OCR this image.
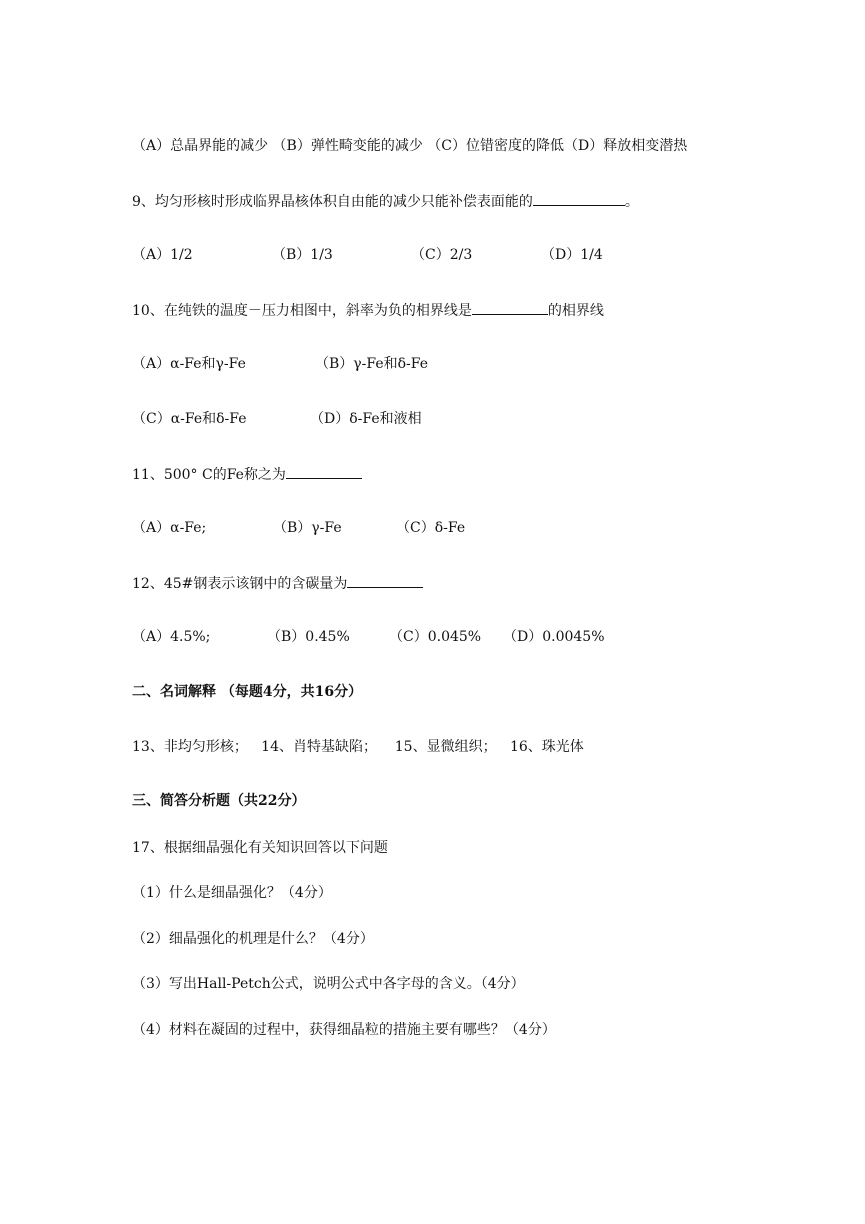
（A）总晶界能的减少 （B）弹性畸变能的减少 （C）位错密度的降低（D）释放相变潜热
9、均匀形核时形成临界晶核体积自由能的减少只能补偿表面能的	。
（A）1/2	（B）1/3	（C）2/3	（D）1/4
10、在纯铁的温度－压力相图中，斜率为负的相界线是	的相界线
（A）α-Fe和γ-Fe	（B）γ-Fe和δ-Fe
（C）α-Fe和δ-Fe	（D）δ-Fe和液相
11、500° C的Fe称之为
（A）α-Fe;	（B）γ-Fe	（C）δ-Fe
12、45#钢表示该钢中的含碳量为
（A）4.5%;	（B）0.45%	（C）0.045% （D）0.0045%
二、名词解释 （每题4分，共16分）
13、非均匀形核；   14、肖特基缺陷；    15、显微组织；   16、珠光体
三、简答分析题（共22分）
17、根据细晶强化有关知识回答以下问题
（1）什么是细晶强化？（4分）
（2）细晶强化的机理是什么？（4分）
（3）写出Hall-Petch公式，说明公式中各字母的含义。（4分）
（4）材料在凝固的过程中，获得细晶粒的措施主要有哪些？（4分）
